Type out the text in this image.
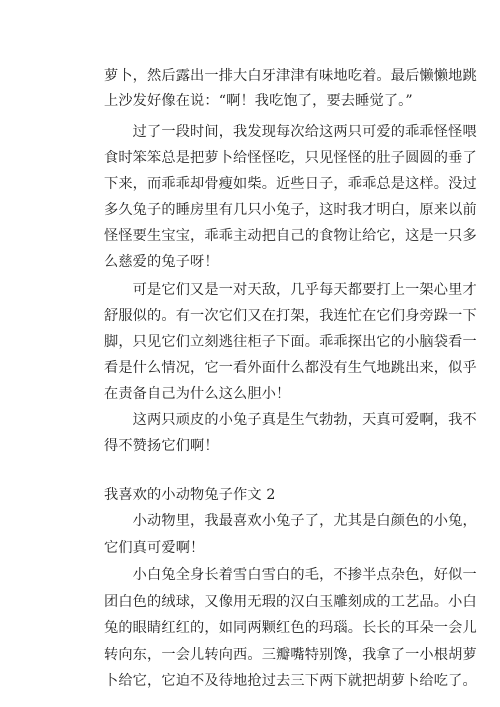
萝卜，然后露出一排大白牙津津有味地吃着。最后懒懒地跳
上沙发好像在说：“啊！我吃饱了，要去睡觉了。”
　　过了一段时间，我发现每次给这两只可爱的乖乖怪怪喂
食时笨笨总是把萝卜给怪怪吃，只见怪怪的肚子圆圆的垂了
下来，而乖乖却骨瘦如柴。近些日子，乖乖总是这样。没过
多久兔子的睡房里有几只小兔子，这时我才明白，原来以前
怪怪要生宝宝，乖乖主动把自己的食物让给它，这是一只多
么慈爱的兔子呀！
　　可是它们又是一对天敌，几乎每天都要打上一架心里才
舒服似的。有一次它们又在打架，我连忙在它们身旁跺一下
脚，只见它们立刻逃往柜子下面。乖乖探出它的小脑袋看一
看是什么情况，它一看外面什么都没有生气地跳出来，似乎
在责备自己为什么这么胆小！
　　这两只顽皮的小兔子真是生气勃勃，天真可爱啊，我不
得不赞扬它们啊！
我喜欢的小动物兔子作文 2
　　小动物里，我最喜欢小兔子了，尤其是白颜色的小兔，
它们真可爱啊！
　　小白兔全身长着雪白雪白的毛，不掺半点杂色，好似一
团白色的绒球，又像用无瑕的汉白玉雕刻成的工艺品。小白
兔的眼睛红红的，如同两颗红色的玛瑙。长长的耳朵一会儿
转向东，一会儿转向西。三瓣嘴特别馋，我拿了一小根胡萝
卜给它，它迫不及待地抢过去三下两下就把胡萝卜给吃了。
